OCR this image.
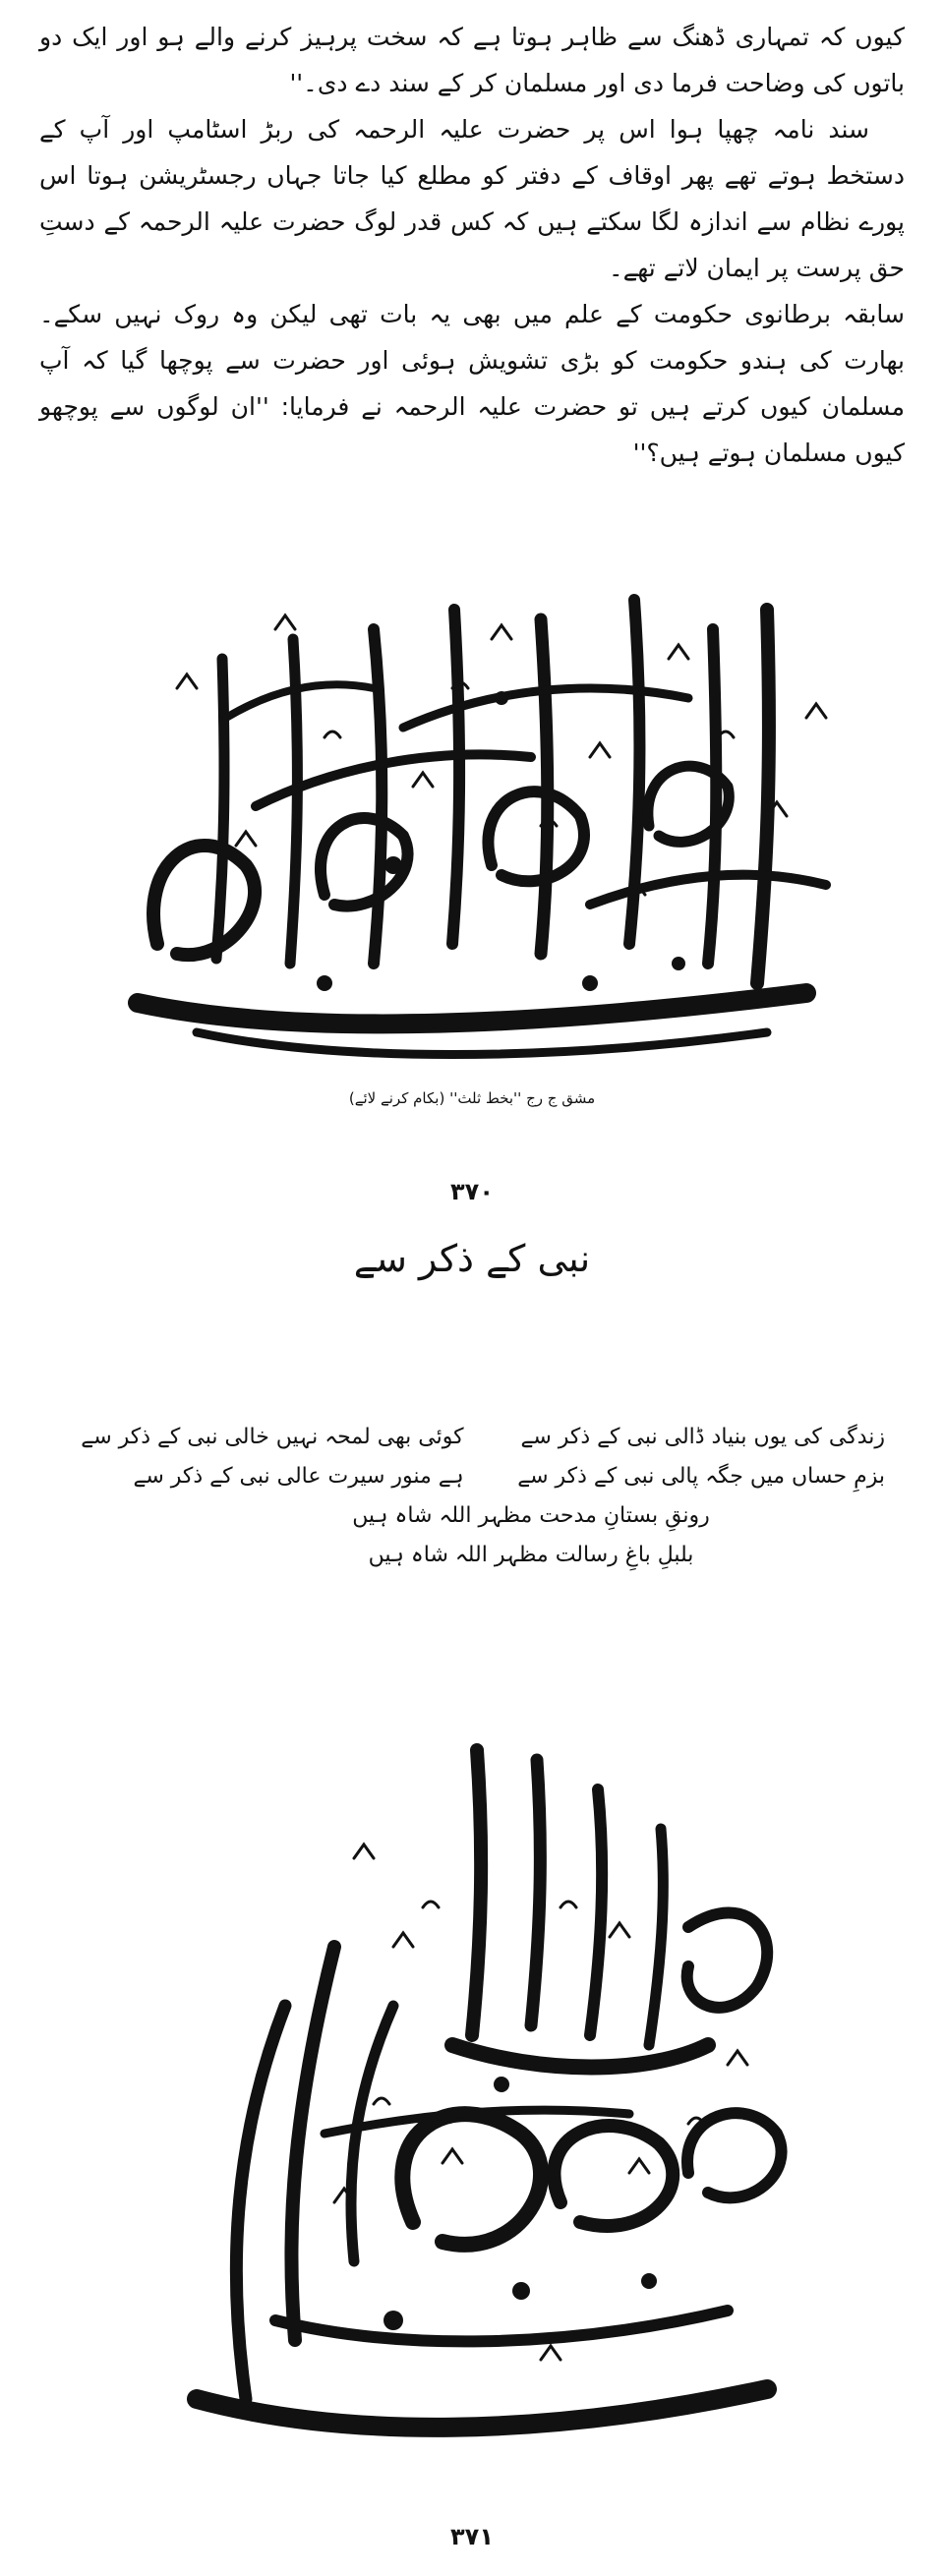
کیوں کہ تمہاری ڈھنگ سے ظاہر ہوتا ہے کہ سخت پرہیز کرنے والے ہو اور ایک دو باتوں کی وضاحت فرما دی اور مسلمان کر کے سند دے دی۔''

سند نامہ چھپا ہوا اس پر حضرت علیہ الرحمہ کی ربڑ اسٹامپ اور آپ کے دستخط ہوتے تھے پھر اوقاف کے دفتر کو مطلع کیا جاتا جہاں رجسٹریشن ہوتا اس پورے نظام سے اندازہ لگا سکتے ہیں کہ کس قدر لوگ حضرت علیہ الرحمہ کے دستِ حق پرست پر ایمان لاتے تھے۔

سابقہ برطانوی حکومت کے علم میں بھی یہ بات تھی لیکن وہ روک نہیں سکے۔ بھارت کی ہندو حکومت کو بڑی تشویش ہوئی اور حضرت سے پوچھا گیا کہ آپ مسلمان کیوں کرتے ہیں تو حضرت علیہ الرحمہ نے فرمایا: ''ان لوگوں سے پوچھو کیوں مسلمان ہوتے ہیں؟''

مشق ج رج ''بخط ثلث'' (بکام کرنے لائے)
۳۷۰
نبی کے ذکر سے
زندگی کی یوں بنیاد ڈالی نبی کے ذکر سے
کوئی بھی لمحہ نہیں خالی نبی کے ذکر سے
بزمِ حساں میں جگہ پالی نبی کے ذکر سے
ہے منور سیرت عالی نبی کے ذکر سے
رونقِ بستانِ مدحت مظہر اللہ شاہ ہیں
بلبلِ باغِ رسالت مظہر اللہ شاہ ہیں
۳۷۱
